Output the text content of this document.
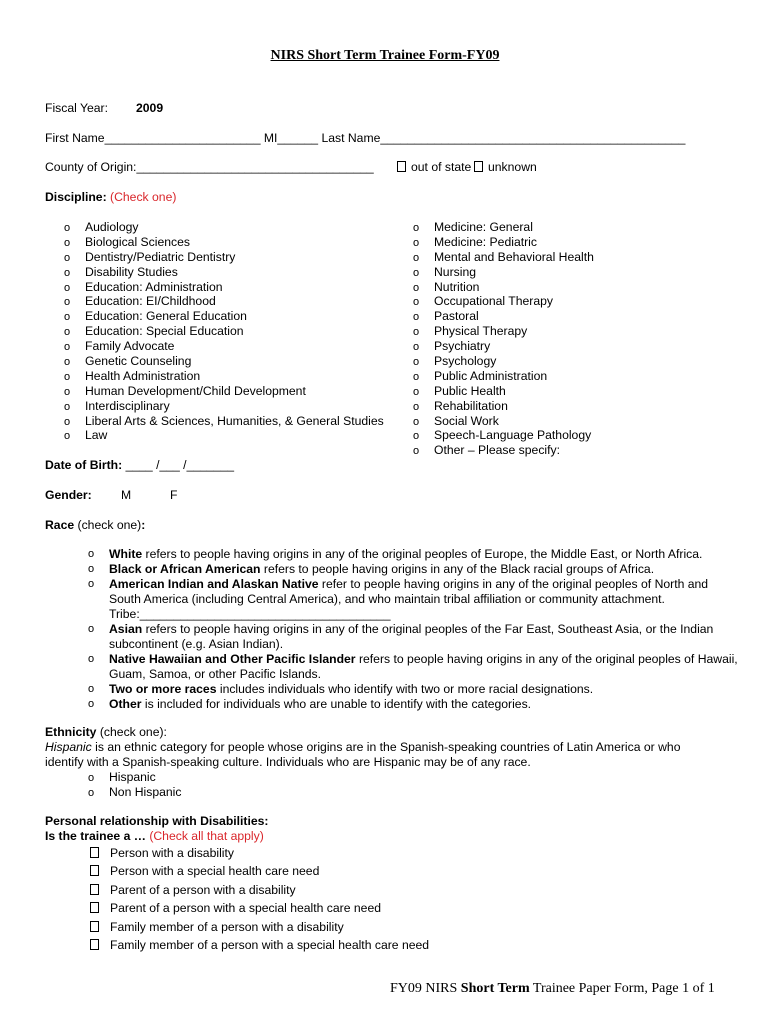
NIRS Short Term Trainee Form-FY09
Fiscal Year: 2009
First Name_______________________ MI______ Last Name_____________________________________________
County of Origin:___________________________________	out of state	unknown
Discipline: (Check one)
o Audiology
o Biological Sciences
o Dentistry/Pediatric Dentistry
o Disability Studies
o Education: Administration
o Education: EI/Childhood
o Education: General Education
o Education: Special Education
o Family Advocate
o Genetic Counseling
o Health Administration
o Human Development/Child Development
o Interdisciplinary
o Liberal Arts & Sciences, Humanities, & General Studies
o Law
o Medicine: General
o Medicine: Pediatric
o Mental and Behavioral Health
o Nursing
o Nutrition
o Occupational Therapy
o Pastoral
o Physical Therapy
o Psychiatry
o Psychology
o Public Administration
o Public Health
o Rehabilitation
o Social Work
o Speech-Language Pathology
o Other – Please specify:
Date of Birth: ____ /___ /_______
Gender: M	F
Race (check one):
o White refers to people having origins in any of the original peoples of Europe, the Middle East, or North Africa.
o Black or African American refers to people having origins in any of the Black racial groups of Africa.
o American Indian and Alaskan Native refer to people having origins in any of the original peoples of North and South America (including Central America), and who maintain tribal affiliation or community attachment.
Tribe:_____________________________________
o Asian refers to people having origins in any of the original peoples of the Far East, Southeast Asia, or the Indian subcontinent (e.g. Asian Indian).
o Native Hawaiian and Other Pacific Islander refers to people having origins in any of the original peoples of Hawaii, Guam, Samoa, or other Pacific Islands.
o Two or more races includes individuals who identify with two or more racial designations.
o Other is included for individuals who are unable to identify with the categories.
Ethnicity (check one):
Hispanic is an ethnic category for people whose origins are in the Spanish-speaking countries of Latin America or who
identify with a Spanish-speaking culture. Individuals who are Hispanic may be of any race.
o Hispanic
o Non Hispanic
Personal relationship with Disabilities:
Is the trainee a … (Check all that apply)
Person with a disability
Person with a special health care need
Parent of a person with a disability
Parent of a person with a special health care need
Family member of a person with a disability
Family member of a person with a special health care need
FY09 NIRS Short Term Trainee Paper Form, Page 1 of 1
